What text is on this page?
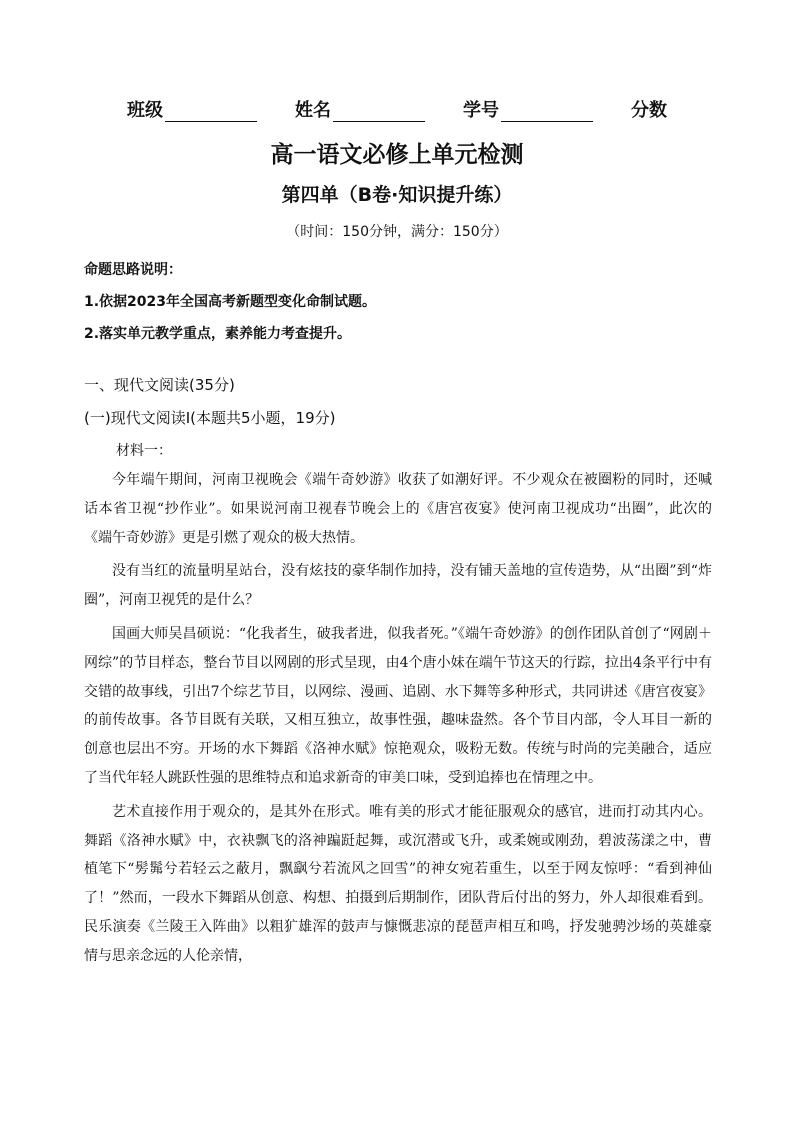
班级	姓名	学号	分数
高一语文必修上单元检测
第四单（B卷·知识提升练）
（时间：150分钟，满分：150分）
命题思路说明：
1.依据2023年全国高考新题型变化命制试题。
2.落实单元教学重点，素养能力考查提升。
一、现代文阅读(35分)
(一)现代文阅读Ⅰ(本题共5小题，19分)
材料一：

今年端午期间，河南卫视晚会《端午奇妙游》收获了如潮好评。不少观众在被圈粉的同时，还喊话本省卫视“抄作业”。如果说河南卫视春节晚会上的《唐宫夜宴》使河南卫视成功“出圈”，此次的《端午奇妙游》更是引燃了观众的极大热情。

没有当红的流量明星站台，没有炫技的豪华制作加持，没有铺天盖地的宣传造势，从“出圈”到“炸圈”，河南卫视凭的是什么？

国画大师吴昌硕说：“化我者生，破我者进，似我者死。”《端午奇妙游》的创作团队首创了“网剧＋网综”的节目样态，整台节目以网剧的形式呈现，由4个唐小妹在端午节这天的行踪，拉出4条平行中有交错的故事线，引出7个综艺节目，以网综、漫画、追剧、水下舞等多种形式，共同讲述《唐宫夜宴》的前传故事。各节目既有关联，又相互独立，故事性强，趣味盎然。各个节目内部，令人耳目一新的创意也层出不穷。开场的水下舞蹈《洛神水赋》惊艳观众，吸粉无数。传统与时尚的完美融合，适应了当代年轻人跳跃性强的思维特点和追求新奇的审美口味，受到追捧也在情理之中。

艺术直接作用于观众的，是其外在形式。唯有美的形式才能征服观众的感官，进而打动其内心。舞蹈《洛神水赋》中，衣袂飘飞的洛神蹁跹起舞，或沉潜或飞升，或柔婉或刚劲，碧波荡漾之中，曹植笔下“髣髴兮若轻云之蔽月，飘飖兮若流风之回雪”的神女宛若重生，以至于网友惊呼：“看到神仙了！”然而，一段水下舞蹈从创意、构想、拍摄到后期制作，团队背后付出的努力，外人却很难看到。民乐演奏《兰陵王入阵曲》以粗犷雄浑的鼓声与慷慨悲凉的琵琶声相互和鸣，抒发驰骋沙场的英雄豪情与思亲念远的人伦亲情，
